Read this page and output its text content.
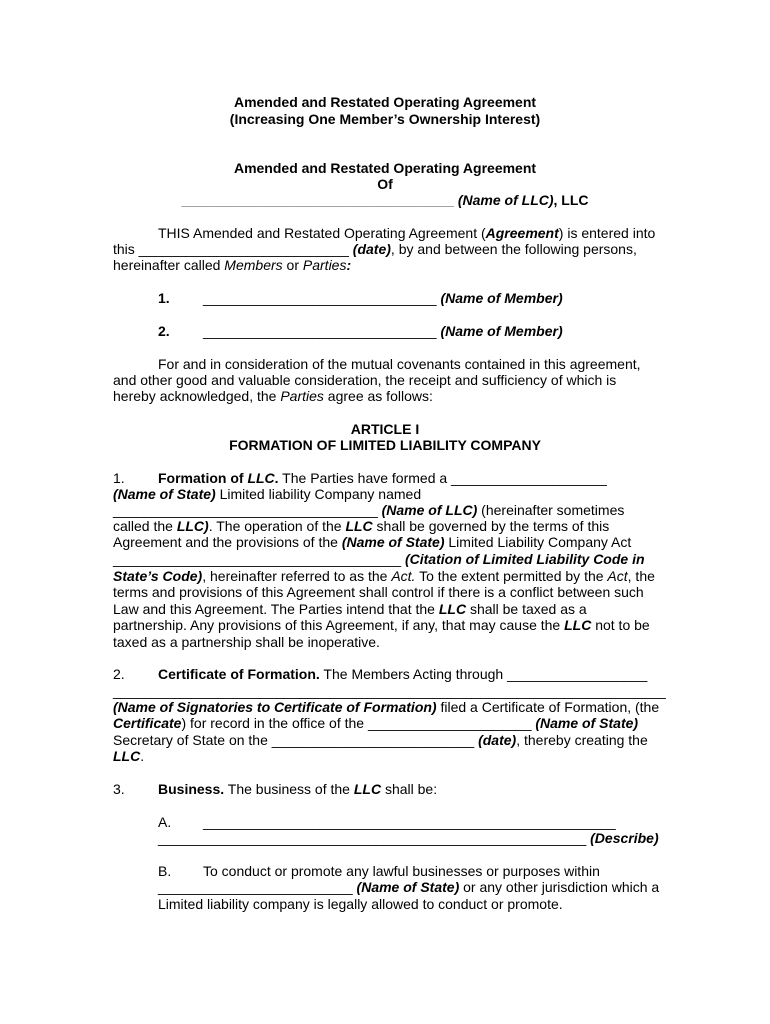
Amended and Restated Operating Agreement
(Increasing One Member’s Ownership Interest)
Amended and Restated Operating Agreement
Of
___________________________________ (Name of LLC), LLC
THIS Amended and Restated Operating Agreement (Agreement) is entered into
this ___________________________ (date), by and between the following persons,
hereinafter called Members or Parties:
1. ______________________________ (Name of Member)
2. ______________________________ (Name of Member)
For and in consideration of the mutual covenants contained in this agreement,
and other good and valuable consideration, the receipt and sufficiency of which is
hereby acknowledged, the Parties agree as follows:
ARTICLE I
FORMATION OF LIMITED LIABILITY COMPANY
1. Formation of LLC. The Parties have formed a ____________________
(Name of State) Limited liability Company named
__________________________________ (Name of LLC) (hereinafter sometimes
called the LLC). The operation of the LLC shall be governed by the terms of this
Agreement and the provisions of the (Name of State) Limited Liability Company Act
_____________________________________ (Citation of Limited Liability Code in
State’s Code), hereinafter referred to as the Act. To the extent permitted by the Act, the
terms and provisions of this Agreement shall control if there is a conflict between such
Law and this Agreement. The Parties intend that the LLC shall be taxed as a
partnership. Any provisions of this Agreement, if any, that may cause the LLC not to be
taxed as a partnership shall be inoperative.
2. Certificate of Formation. The Members Acting through __________________
_______________________________________________________________________
(Name of Signatories to Certificate of Formation) filed a Certificate of Formation, (the
Certificate) for record in the office of the _____________________ (Name of State)
Secretary of State on the __________________________ (date), thereby creating the
LLC.
3. Business. The business of the LLC shall be:
A. _____________________________________________________
_______________________________________________________ (Describe)
B. To conduct or promote any lawful businesses or purposes within
_________________________ (Name of State) or any other jurisdiction which a
Limited liability company is legally allowed to conduct or promote.
